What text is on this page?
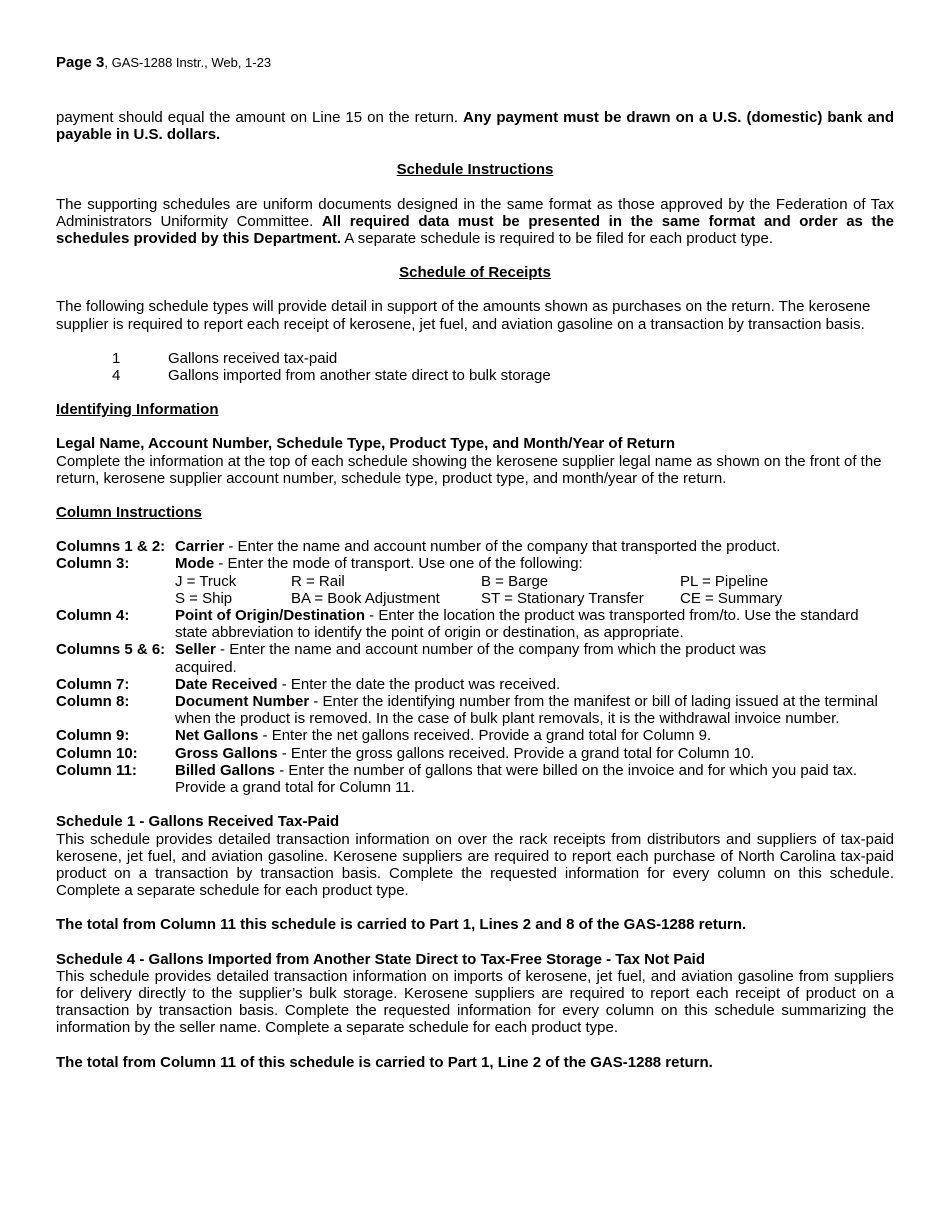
Page 3, GAS-1288 Instr., Web, 1-23

payment should equal the amount on Line 15 on the return. Any payment must be drawn on a U.S. (domestic) bank and payable in U.S. dollars.

Schedule Instructions

The supporting schedules are uniform documents designed in the same format as those approved by the Federation of Tax Administrators Uniformity Committee. All required data must be presented in the same format and order as the schedules provided by this Department. A separate schedule is required to be filed for each product type.

Schedule of Receipts

The following schedule types will provide detail in support of the amounts shown as purchases on the return. The kerosene supplier is required to report each receipt of kerosene, jet fuel, and aviation gasoline on a transaction by transaction basis.

1	Gallons received tax-paid
4	Gallons imported from another state direct to bulk storage

Identifying Information

Legal Name, Account Number, Schedule Type, Product Type, and Month/Year of Return

Complete the information at the top of each schedule showing the kerosene supplier legal name as shown on the front of the return, kerosene supplier account number, schedule type, product type, and month/year of the return.

Column Instructions

Columns 1 & 2: Carrier - Enter the name and account number of the company that transported the product.
Column 3:	Mode - Enter the mode of transport. Use one of the following:
J = Truck	R = Rail	B = Barge	PL = Pipeline
S = Ship	BA = Book Adjustment	ST = Stationary Transfer	CE = Summary
Column 4:	Point of Origin/Destination - Enter the location the product was transported from/to. Use the standard state abbreviation to identify the point of origin or destination, as appropriate.
Columns 5 & 6: Seller - Enter the name and account number of the company from which the product was acquired.
Column 7:	Date Received - Enter the date the product was received.
Column 8:	Document Number - Enter the identifying number from the manifest or bill of lading issued at the terminal when the product is removed. In the case of bulk plant removals, it is the withdrawal invoice number.
Column 9:	Net Gallons - Enter the net gallons received. Provide a grand total for Column 9.
Column 10:	Gross Gallons - Enter the gross gallons received. Provide a grand total for Column 10.
Column 11:	Billed Gallons - Enter the number of gallons that were billed on the invoice and for which you paid tax. Provide a grand total for Column 11.

Schedule 1 - Gallons Received Tax-Paid

This schedule provides detailed transaction information on over the rack receipts from distributors and suppliers of tax-paid kerosene, jet fuel, and aviation gasoline. Kerosene suppliers are required to report each purchase of North Carolina tax-paid product on a transaction by transaction basis. Complete the requested information for every column on this schedule. Complete a separate schedule for each product type.

The total from Column 11 this schedule is carried to Part 1, Lines 2 and 8 of the GAS-1288 return.

Schedule 4 - Gallons Imported from Another State Direct to Tax-Free Storage - Tax Not Paid

This schedule provides detailed transaction information on imports of kerosene, jet fuel, and aviation gasoline from suppliers for delivery directly to the supplier’s bulk storage. Kerosene suppliers are required to report each receipt of product on a transaction by transaction basis. Complete the requested information for every column on this schedule summarizing the information by the seller name. Complete a separate schedule for each product type.

The total from Column 11 of this schedule is carried to Part 1, Line 2 of the GAS-1288 return.
